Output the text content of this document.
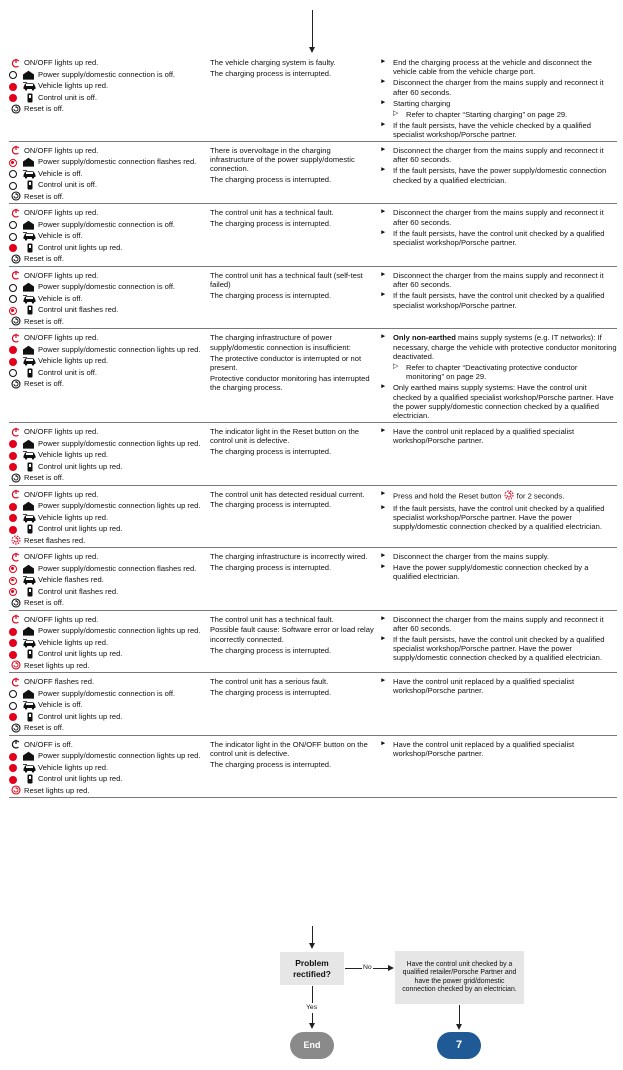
ON/OFF lights up red.
Power supply/domestic connection is off.
Vehicle lights up red.
Control unit is off.
Reset is off.
The vehicle charging system is faulty.
The charging process is interrupted.
► End the charging process at the vehicle and disconnect the vehicle cable from the vehicle charge port.
► Disconnect the charger from the mains supply and reconnect it after 60 seconds.
► Starting charging
▷	Refer to chapter “Starting charging” on page 29.
► If the fault persists, have the vehicle checked by a qualified specialist workshop/Porsche partner.
ON/OFF lights up red.
Power supply/domestic connection flashes red.
Vehicle is off.
Control unit is off.
Reset is off.
There is overvoltage in the charging infrastructure of the power supply/domestic connection.
The charging process is interrupted.
► Disconnect the charger from the mains supply and reconnect it after 60 seconds.
► If the fault persists, have the power supply/domestic connection checked by a qualified electrician.
ON/OFF lights up red.
Power supply/domestic connection is off.
Vehicle is off.
Control unit lights up red.
Reset is off.
The control unit has a technical fault.
The charging process is interrupted.
► Disconnect the charger from the mains supply and reconnect it after 60 seconds.
► If the fault persists, have the control unit checked by a qualified specialist workshop/Porsche partner.
ON/OFF lights up red.
Power supply/domestic connection is off.
Vehicle is off.
Control unit flashes red.
Reset is off.
The control unit has a technical fault (self-test failed)
The charging process is interrupted.
► Disconnect the charger from the mains supply and reconnect it after 60 seconds.
► If the fault persists, have the control unit checked by a qualified specialist workshop/Porsche partner.
ON/OFF lights up red.
Power supply/domestic connection lights up red.
Vehicle lights up red.
Control unit is off.
Reset is off.
The charging infrastructure of power supply/domestic connection is insufficient:
The protective conductor is interrupted or not present.
Protective conductor monitoring has interrupted the charging process.
► Only non-earthed mains supply systems (e.g. IT networks): If necessary, charge the vehicle with protective conductor monitoring deactivated.
▷	Refer to chapter “Deactivating protective conductor monitoring” on page 29.
► Only earthed mains supply systems: Have the control unit checked by a qualified specialist workshop/Porsche partner. Have the power supply/domestic connection checked by a qualified electrician.
ON/OFF lights up red.
Power supply/domestic connection lights up red.
Vehicle lights up red.
Control unit lights up red.
Reset is off.
The indicator light in the Reset button on the control unit is defective.
The charging process is interrupted.
► Have the control unit replaced by a qualified specialist workshop/Porsche partner.
ON/OFF lights up red.
Power supply/domestic connection lights up red.
Vehicle lights up red.
Control unit lights up red.
Reset flashes red.
The control unit has detected residual current.
The charging process is interrupted.
► Press and hold the Reset button for 2 seconds.
► If the fault persists, have the control unit checked by a qualified specialist workshop/Porsche partner. Have the power supply/domestic connection checked by a qualified electrician.
ON/OFF lights up red.
Power supply/domestic connection flashes red.
Vehicle flashes red.
Control unit flashes red.
Reset is off.
The charging infrastructure is incorrectly wired.
The charging process is interrupted.
► Disconnect the charger from the mains supply.
► Have the power supply/domestic connection checked by a qualified electrician.
ON/OFF lights up red.
Power supply/domestic connection lights up red.
Vehicle lights up red.
Control unit lights up red.
Reset lights up red.
The control unit has a technical fault.
Possible fault cause: Software error or load relay incorrectly connected.
The charging process is interrupted.
► Disconnect the charger from the mains supply and reconnect it after 60 seconds.
► If the fault persists, have the control unit checked by a qualified specialist workshop/Porsche partner. Have the power supply/domestic connection checked by a qualified electrician.
ON/OFF flashes red.
Power supply/domestic connection is off.
Vehicle is off.
Control unit lights up red.
Reset is off.
The control unit has a serious fault.
The charging process is interrupted.
► Have the control unit replaced by a qualified specialist workshop/Porsche partner.
ON/OFF is off.
Power supply/domestic connection lights up red.
Vehicle lights up red.
Control unit lights up red.
Reset lights up red.
The indicator light in the ON/OFF button on the control unit is defective.
The charging process is interrupted.
► Have the control unit replaced by a qualified specialist workshop/Porsche partner.
Problem rectified?
No	Have the control unit checked by a qualified retailer/Porsche Partner and have the power grid/domestic connection checked by an electrician.
Yes
End	7
